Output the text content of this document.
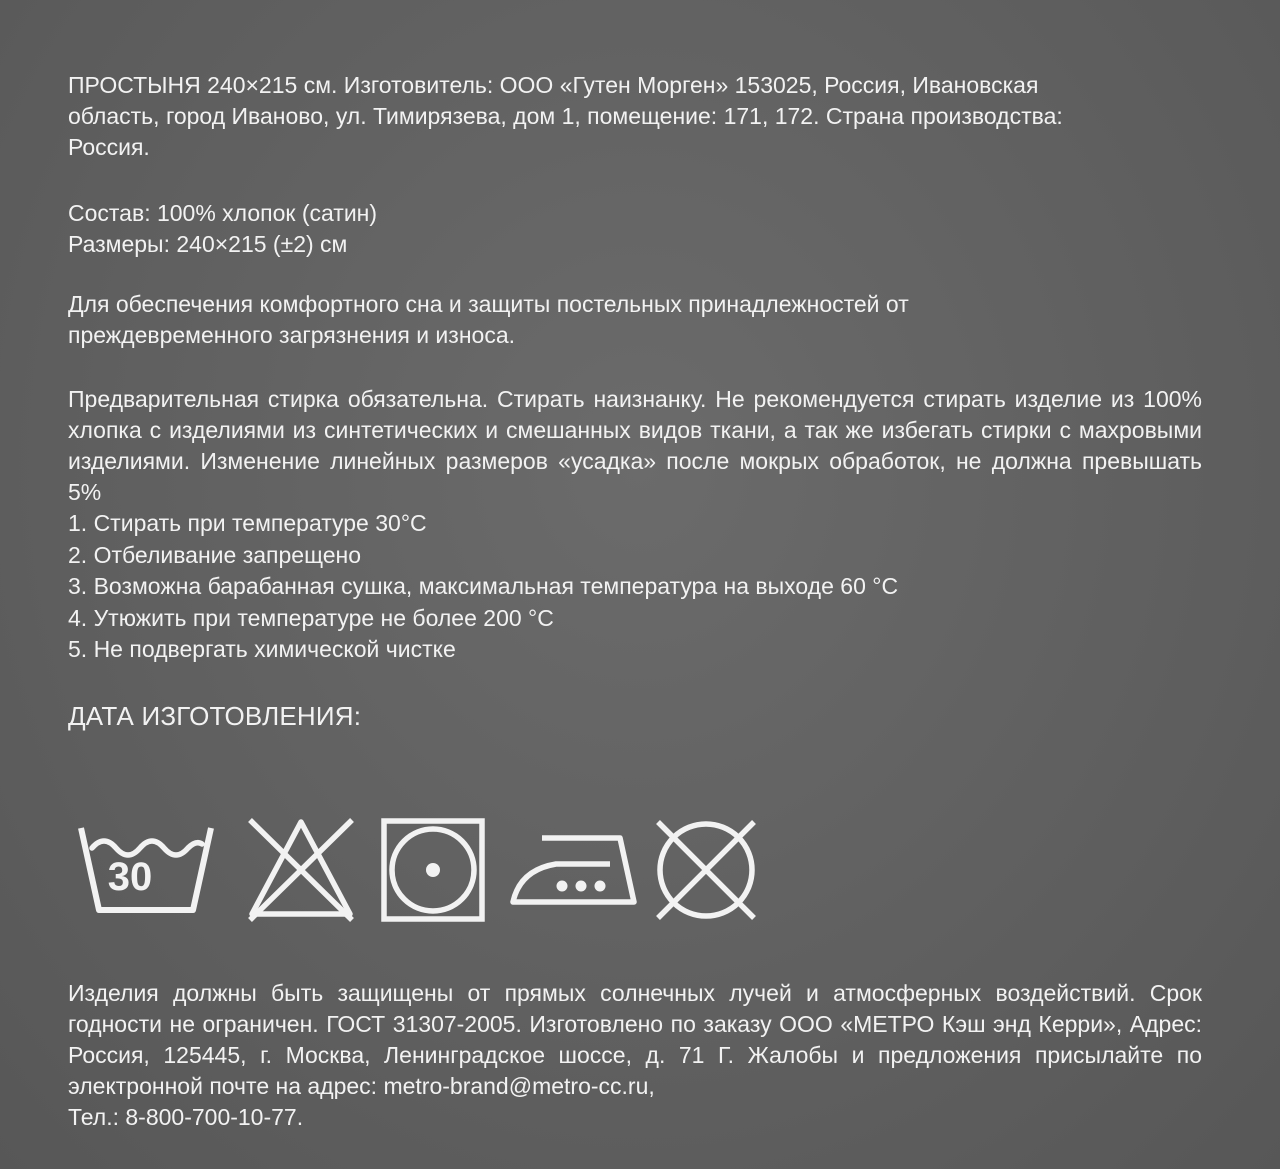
ПРОСТЫНЯ 240×215 см. Изготовитель: ООО «Гутен Морген» 153025, Россия, Ивановская
область, город Иваново, ул. Тимирязева, дом 1, помещение: 171, 172. Страна производства:
Россия.

Состав: 100% хлопок (сатин)
Размеры: 240×215 (±2) см

Для обеспечения комфортного сна и защиты постельных принадлежностей от
преждевременного загрязнения и износа.

Предварительная стирка обязательна. Стирать наизнанку. Не рекомендуется стирать изделие из 100% хлопка с изделиями из синтетических и смешанных видов ткани, а так же избегать стирки с махровыми изделиями. Изменение линейных размеров «усадка» после мокрых обработок, не должна превышать 5%
1. Стирать при температуре 30°С
2. Отбеливание запрещено
3. Возможна барабанная сушка, максимальная температура на выходе 60 °С
4. Утюжить при температуре не более 200 °С
5. Не подвергать химической чистке
ДАТА ИЗГОТОВЛЕНИЯ:
30

Изделия должны быть защищены от прямых солнечных лучей и атмосферных воздействий. Срок годности не ограничен. ГОСТ 31307-2005. Изготовлено по заказу ООО «МЕТРО Кэш энд Керри», Адрес: Россия, 125445, г. Москва, Ленинградское шоссе, д. 71 Г. Жалобы и предложения присылайте по электронной почте на адрес: metro-brand@metro-cc.ru,
Тел.: 8-800-700-10-77.
